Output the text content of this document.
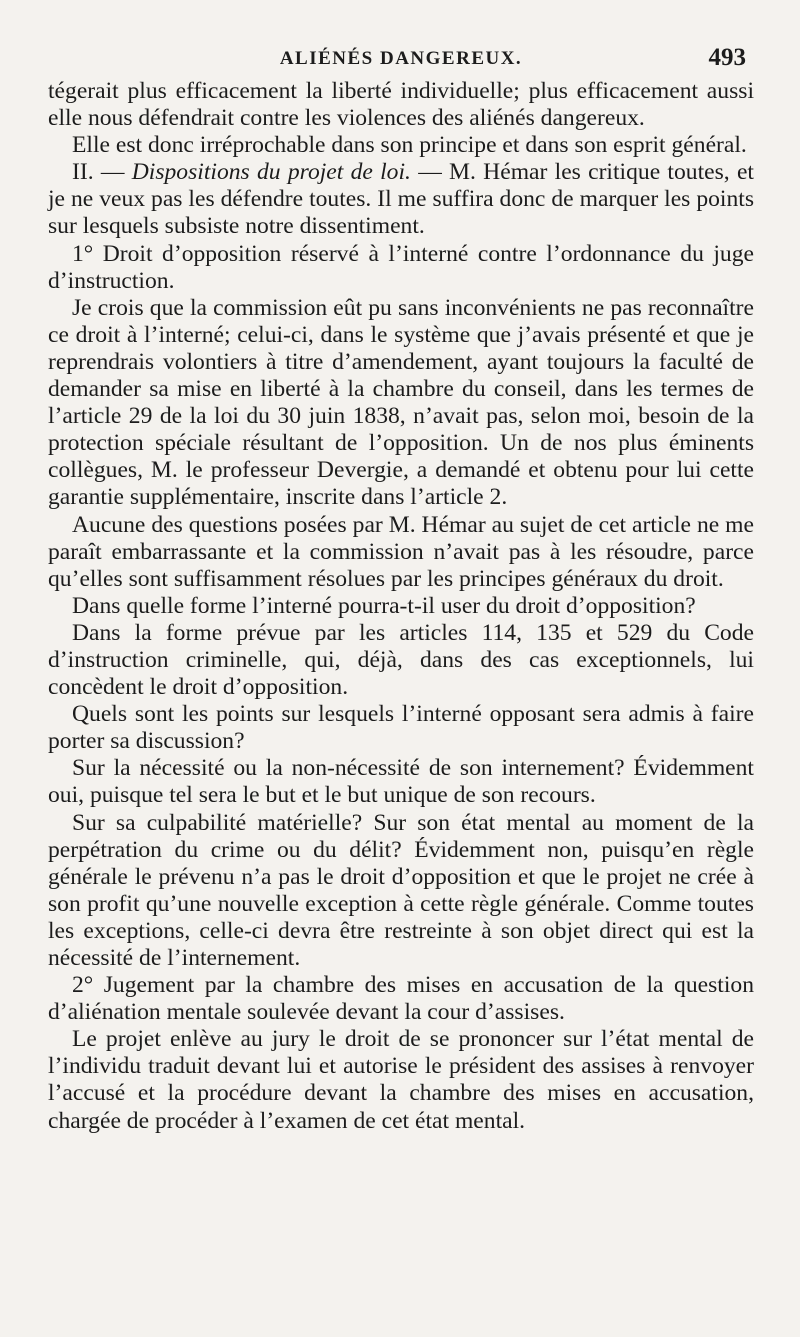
ALIÉNÉS DANGEREUX.	493

tégerait plus efficacement la liberté individuelle; plus efficacement aussi elle nous défendrait contre les violences des aliénés dangereux.

Elle est donc irréprochable dans son principe et dans son esprit général.

II. — Dispositions du projet de loi. — M. Hémar les critique toutes, et je ne veux pas les défendre toutes. Il me suffira donc de marquer les points sur lesquels subsiste notre dissentiment.

1° Droit d’opposition réservé à l’interné contre l’ordonnance du juge d’instruction.

Je crois que la commission eût pu sans inconvénients ne pas reconnaître ce droit à l’interné; celui-ci, dans le système que j’avais présenté et que je reprendrais volontiers à titre d’amendement, ayant toujours la faculté de demander sa mise en liberté à la chambre du conseil, dans les termes de l’article 29 de la loi du 30 juin 1838, n’avait pas, selon moi, besoin de la protection spéciale résultant de l’opposition. Un de nos plus éminents collègues, M. le professeur Devergie, a demandé et obtenu pour lui cette garantie supplémentaire, inscrite dans l’article 2.

Aucune des questions posées par M. Hémar au sujet de cet article ne me paraît embarrassante et la commission n’avait pas à les résoudre, parce qu’elles sont suffisamment résolues par les principes généraux du droit.

Dans quelle forme l’interné pourra-t-il user du droit d’opposition?

Dans la forme prévue par les articles 114, 135 et 529 du Code d’instruction criminelle, qui, déjà, dans des cas exceptionnels, lui concèdent le droit d’opposition.

Quels sont les points sur lesquels l’interné opposant sera admis à faire porter sa discussion?

Sur la nécessité ou la non-nécessité de son internement? Évidemment oui, puisque tel sera le but et le but unique de son recours.

Sur sa culpabilité matérielle? Sur son état mental au moment de la perpétration du crime ou du délit? Évidemment non, puisqu’en règle générale le prévenu n’a pas le droit d’opposition et que le projet ne crée à son profit qu’une nouvelle exception à cette règle générale. Comme toutes les exceptions, celle-ci devra être restreinte à son objet direct qui est la nécessité de l’internement.

2° Jugement par la chambre des mises en accusation de la question d’aliénation mentale soulevée devant la cour d’assises.

Le projet enlève au jury le droit de se prononcer sur l’état mental de l’individu traduit devant lui et autorise le président des assises à renvoyer l’accusé et la procédure devant la chambre des mises en accusation, chargée de procéder à l’examen de cet état mental.
